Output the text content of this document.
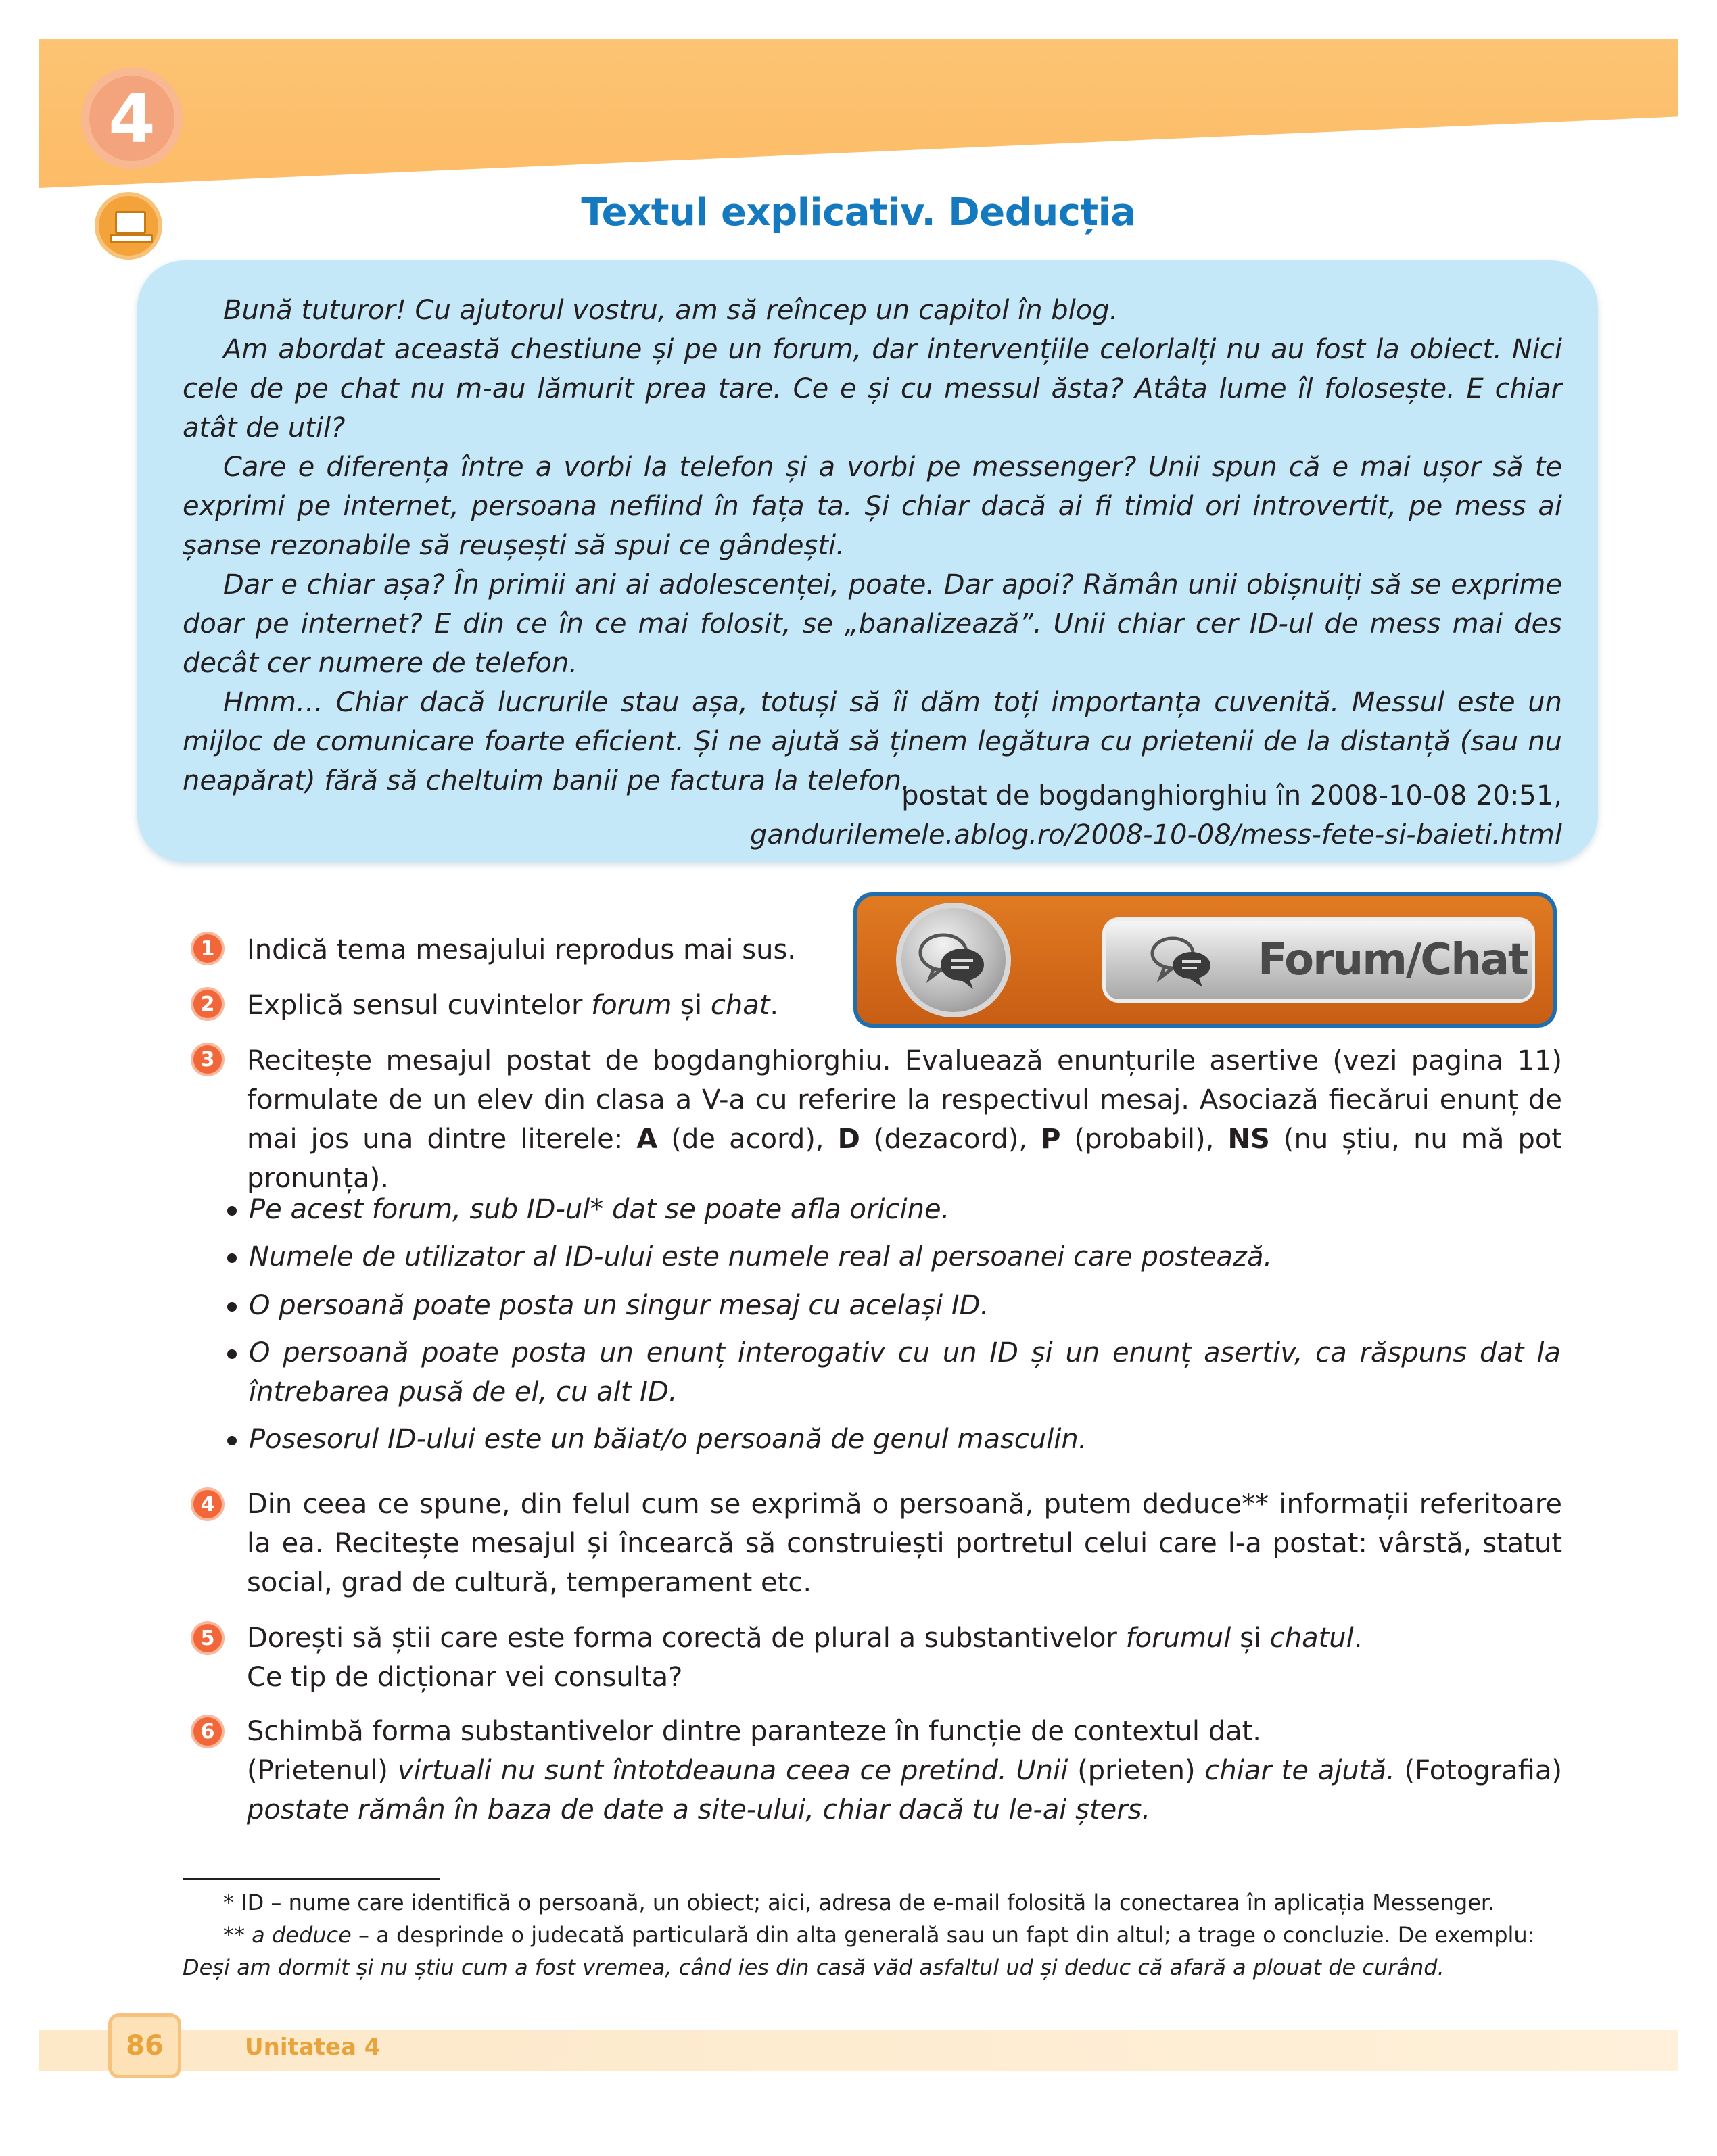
4
Textul explicativ. Deducția

Bună tuturor! Cu ajutorul vostru, am să reîncep un capitol în blog.

Am abordat această chestiune și pe un forum, dar intervențiile celorlalți nu au fost la obiect. Nici cele de pe chat nu m-au lămurit prea tare. Ce e și cu messul ăsta? Atâta lume îl folosește. E chiar atât de util?

Care e diferența între a vorbi la telefon și a vorbi pe messenger? Unii spun că e mai ușor să te exprimi pe internet, persoana nefiind în fața ta. Și chiar dacă ai fi timid ori introvertit, pe mess ai șanse rezonabile să reușești să spui ce gândești.

Dar e chiar așa? În primii ani ai adolescenței, poate. Dar apoi? Rămân unii obișnuiți să se exprime doar pe internet? E din ce în ce mai folosit, se „banalizează”. Unii chiar cer ID-ul de mess mai des decât cer numere de telefon.

Hmm… Chiar dacă lucrurile stau așa, totuși să îi dăm toți importanța cuvenită. Messul este un mijloc de comunicare foarte eficient. Și ne ajută să ținem legătura cu prietenii de la distanță (sau nu neapărat) fără să cheltuim banii pe factura la telefon.

postat de bogdanghiorghiu în 2008-10-08 20:51,
gandurilemele.ablog.ro/2008-10-08/mess-fete-si-baieti.html
Forum/Chat
1	Indică tema mesajului reprodus mai sus.
2	Explică sensul cuvintelor forum și chat.
3	Recitește mesajul postat de bogdanghiorghiu. Evaluează enunțurile asertive (vezi pagina 11) formulate de un elev din clasa a V-a cu referire la respectivul mesaj. Asociază fiecărui enunț de mai jos una dintre literele: A (de acord), D (dezacord), P (probabil), NS (nu știu, nu mă pot pronunța).
Pe acest forum, sub ID-ul* dat se poate afla oricine.
Numele de utilizator al ID-ului este numele real al persoanei care postează.
O persoană poate posta un singur mesaj cu același ID.
O persoană poate posta un enunț interogativ cu un ID și un enunț asertiv, ca răspuns dat la întrebarea pusă de el, cu alt ID.
Posesorul ID-ului este un băiat/o persoană de genul masculin.
4	Din ceea ce spune, din felul cum se exprimă o persoană, putem deduce** informații referitoare la ea. Recitește mesajul și încearcă să construiești portretul celui care l-a postat: vârstă, statut social, grad de cultură, temperament etc.
5	Dorești să știi care este forma corectă de plural a substantivelor forumul și chatul.
Ce tip de dicționar vei consulta?
6	Schimbă forma substantivelor dintre paranteze în funcție de contextul dat.
(Prietenul) virtuali nu sunt întotdeauna ceea ce pretind. Unii (prieten) chiar te ajută. (Fotografia) postate rămân în baza de date a site-ului, chiar dacă tu le-ai șters.
* ID – nume care identifică o persoană, un obiect; aici, adresa de e-mail folosită la conectarea în aplicația Messenger.
** a deduce – a desprinde o judecată particulară din alta generală sau un fapt din altul; a trage o concluzie. De exemplu: Deși am dormit și nu știu cum a fost vremea, când ies din casă văd asfaltul ud și deduc că afară a plouat de curând.
86	Unitatea 4
